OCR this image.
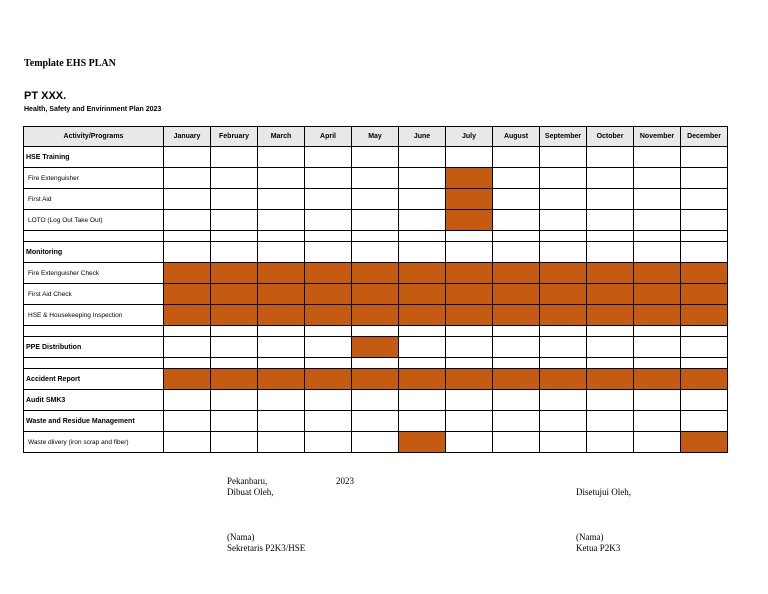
Template EHS PLAN
PT XXX.
Health, Safety and Envirinment Plan 2023
Activity/Programs	January	February	March	April	May	June	July	August	September	October	November	December
HSE Training												
Fire Extenguisher												
First Aid												
LOTO (Log Out Take Out)												

Monitoring												
Fire Extenguisher Check												
First Aid Check												
HSE & Housekeeping Inspection												

PPE Distribution												

Accident Report												
Audit SMK3												
Waste and Residue Management												
Waste dlivery (iron scrap and fiber)												
Pekanbaru,	2023
Dibuat Oleh,	Disetujui Oleh,
(Nama)
Sekretaris P2K3/HSE
(Nama)
Ketua P2K3
